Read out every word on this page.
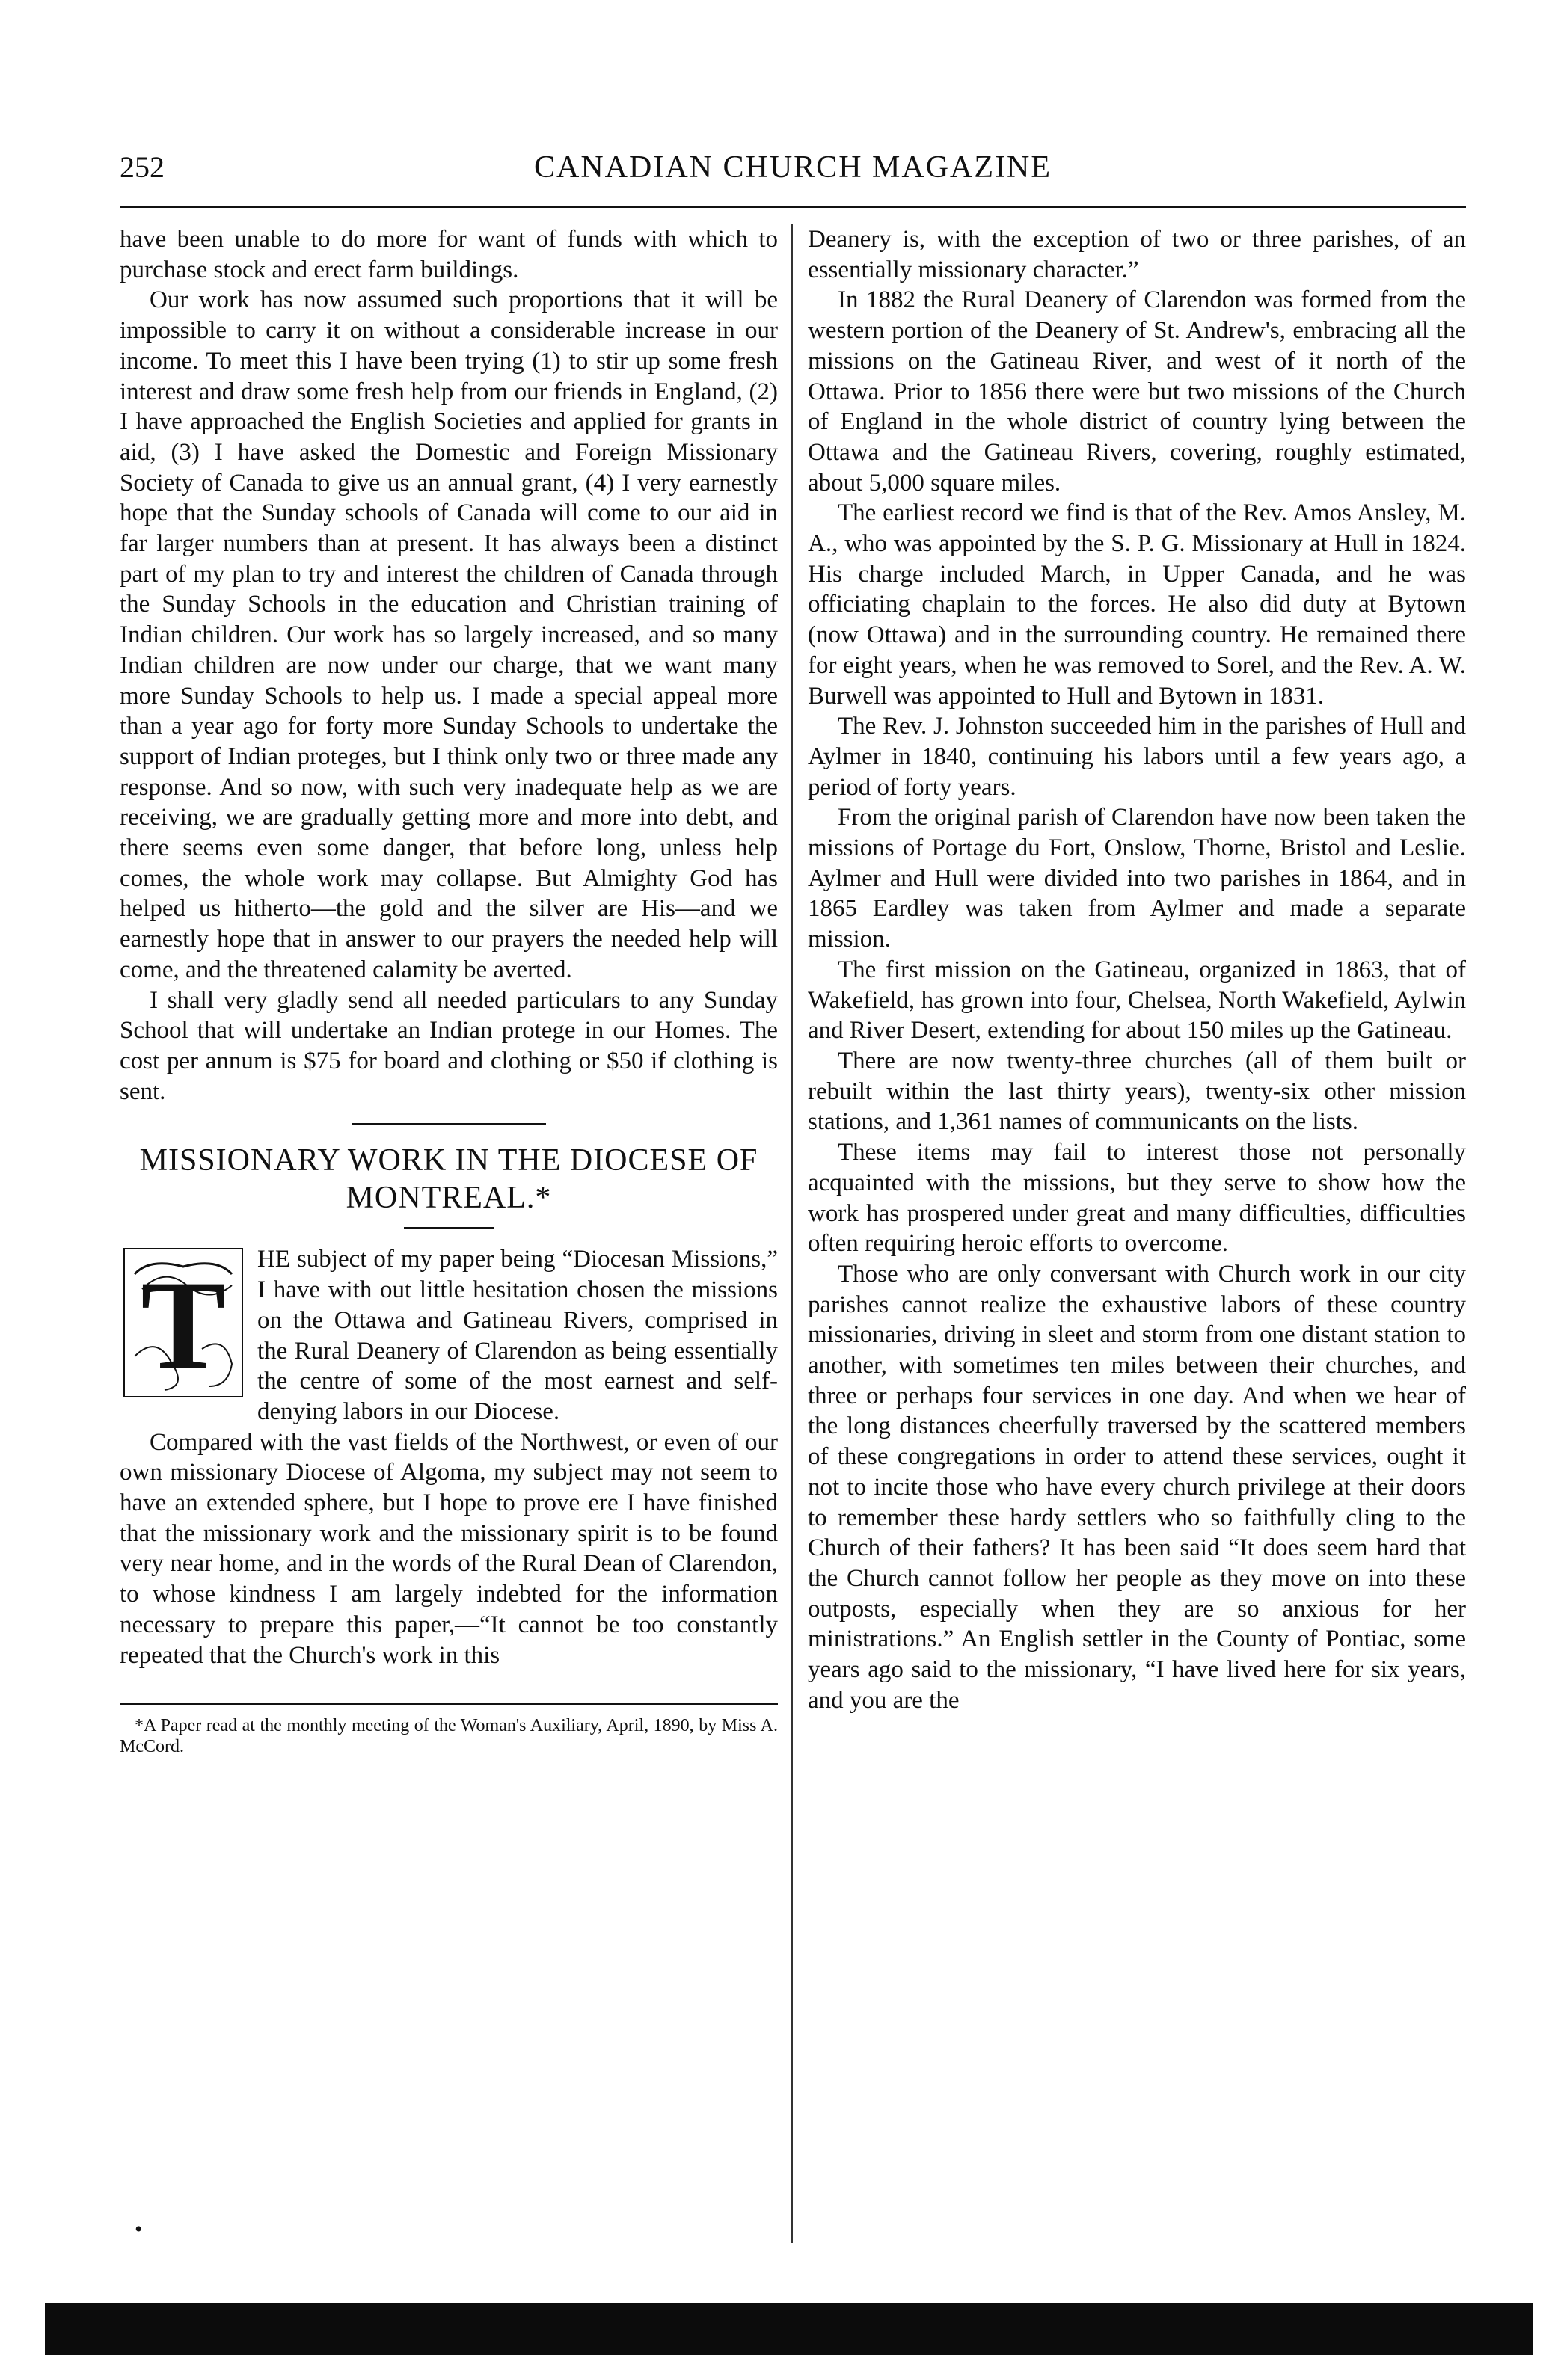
252	CANADIAN CHURCH MAGAZINE

have been unable to do more for want of funds with which to purchase stock and erect farm buildings.

Our work has now assumed such proportions that it will be impossible to carry it on without a considerable increase in our income. To meet this I have been trying (1) to stir up some fresh interest and draw some fresh help from our friends in England, (2) I have approached the English Societies and applied for grants in aid, (3) I have asked the Domestic and Foreign Missionary Society of Canada to give us an annual grant, (4) I very earnestly hope that the Sunday schools of Canada will come to our aid in far larger numbers than at present. It has always been a distinct part of my plan to try and interest the children of Canada through the Sunday Schools in the education and Christian training of Indian children. Our work has so largely increased, and so many Indian children are now under our charge, that we want many more Sunday Schools to help us. I made a special appeal more than a year ago for forty more Sunday Schools to undertake the support of Indian proteges, but I think only two or three made any response. And so now, with such very inadequate help as we are receiving, we are gradually getting more and more into debt, and there seems even some danger, that before long, unless help comes, the whole work may collapse. But Almighty God has helped us hitherto—the gold and the silver are His—and we earnestly hope that in answer to our prayers the needed help will come, and the threatened calamity be averted.

I shall very gladly send all needed particulars to any Sunday School that will undertake an Indian protege in our Homes. The cost per annum is $75 for board and clothing or $50 if clothing is sent.

MISSIONARY WORK IN THE DIOCESE OF MONTREAL.*
T	HE subject of my paper being “Diocesan Missions,” I have with out little hesitation chosen the missions on the Ottawa and Gatineau Rivers, comprised in the Rural Deanery of Clarendon as being essentially the centre of some of the most earnest and self-denying labors in our Diocese.

Compared with the vast fields of the Northwest, or even of our own missionary Diocese of Algoma, my subject may not seem to have an extended sphere, but I hope to prove ere I have finished that the missionary work and the missionary spirit is to be found very near home, and in the words of the Rural Dean of Clarendon, to whose kindness I am largely indebted for the information necessary to prepare this paper,—“It cannot be too constantly repeated that the Church's work in this

*A Paper read at the monthly meeting of the Woman's Auxiliary, April, 1890, by Miss A. McCord.

Deanery is, with the exception of two or three parishes, of an essentially missionary character.”

In 1882 the Rural Deanery of Clarendon was formed from the western portion of the Deanery of St. Andrew's, embracing all the missions on the Gatineau River, and west of it north of the Ottawa. Prior to 1856 there were but two missions of the Church of England in the whole district of country lying between the Ottawa and the Gatineau Rivers, covering, roughly estimated, about 5,000 square miles.

The earliest record we find is that of the Rev. Amos Ansley, M. A., who was appointed by the S. P. G. Missionary at Hull in 1824. His charge included March, in Upper Canada, and he was officiating chaplain to the forces. He also did duty at Bytown (now Ottawa) and in the surrounding country. He remained there for eight years, when he was removed to Sorel, and the Rev. A. W. Burwell was appointed to Hull and Bytown in 1831.

The Rev. J. Johnston succeeded him in the parishes of Hull and Aylmer in 1840, continuing his labors until a few years ago, a period of forty years.

From the original parish of Clarendon have now been taken the missions of Portage du Fort, Onslow, Thorne, Bristol and Leslie. Aylmer and Hull were divided into two parishes in 1864, and in 1865 Eardley was taken from Aylmer and made a separate mission.

The first mission on the Gatineau, organized in 1863, that of Wakefield, has grown into four, Chelsea, North Wakefield, Aylwin and River Desert, extending for about 150 miles up the Gatineau.

There are now twenty-three churches (all of them built or rebuilt within the last thirty years), twenty-six other mission stations, and 1,361 names of communicants on the lists.

These items may fail to interest those not personally acquainted with the missions, but they serve to show how the work has prospered under great and many difficulties, difficulties often requiring heroic efforts to overcome.

Those who are only conversant with Church work in our city parishes cannot realize the exhaustive labors of these country missionaries, driving in sleet and storm from one distant station to another, with sometimes ten miles between their churches, and three or perhaps four services in one day. And when we hear of the long distances cheerfully traversed by the scattered members of these congregations in order to attend these services, ought it not to incite those who have every church privilege at their doors to remember these hardy settlers who so faithfully cling to the Church of their fathers? It has been said “It does seem hard that the Church cannot follow her people as they move on into these outposts, especially when they are so anxious for her ministrations.” An English settler in the County of Pontiac, some years ago said to the missionary, “I have lived here for six years, and you are the

•
